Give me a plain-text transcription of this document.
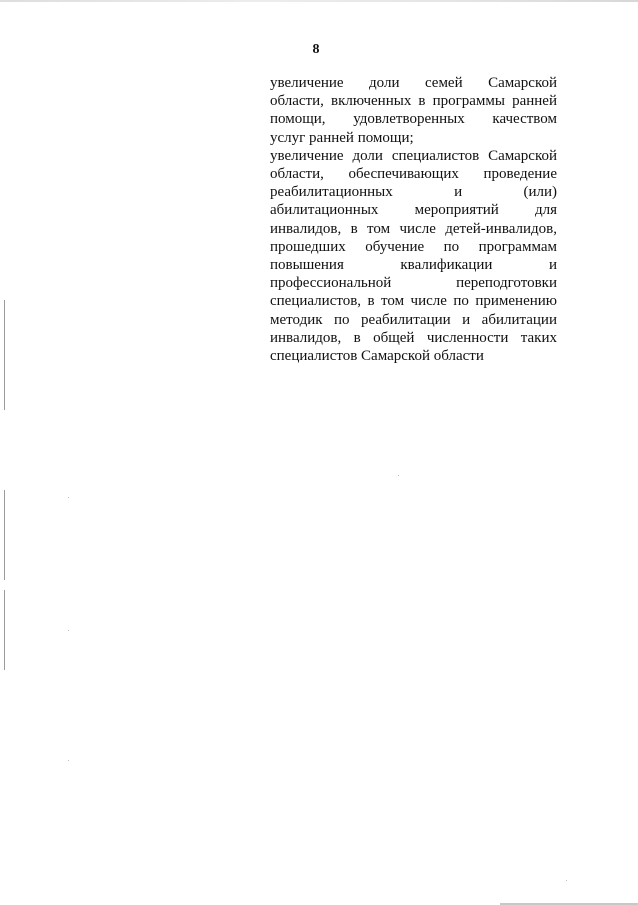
8

увеличение доли семей Самарской
области, включенных в программы ранней
помощи, удовлетворенных качеством
услуг ранней помощи;

увеличение доли специалистов Самарской
области, обеспечивающих проведение
реабилитационных и (или)
абилитационных мероприятий для
инвалидов, в том числе детей-инвалидов,
прошедших обучение по программам
повышения квалификации и
профессиональной переподготовки
специалистов, в том числе по применению
методик по реабилитации и абилитации
инвалидов, в общей численности таких
специалистов Самарской области
